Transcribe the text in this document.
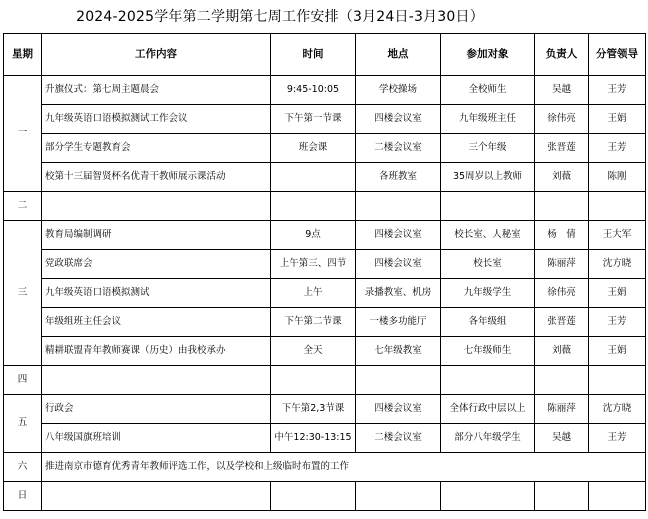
2024-2025学年第二学期第七周工作安排（3月24日-3月30日）
星期	工作内容	时间	地点	参加对象	负责人	分管领导
一	升旗仪式：第七周主题晨会	9:45-10:05	学校操场	全校师生	吴越	王芳
	九年级英语口语模拟测试工作会议	下午第一节课	四楼会议室	九年级班主任	徐伟亮	王娟
	部分学生专题教育会	班会课	二楼会议室	三个年级	张晋莲	王芳
	校第十三届智贤杯名优青干教师展示课活动		各班教室	35周岁以上教师	刘薇	陈刚
二						
三	教育局编制调研	9点	四楼会议室	校长室、人秘室	杨　倩	王大军
	党政联席会	上午第三、四节	四楼会议室	校长室	陈丽萍	沈方晓
	九年级英语口语模拟测试	上午	录播教室、机房	九年级学生	徐伟亮	王娟
	年级组班主任会议	下午第二节课	一楼多功能厅	各年级组	张晋莲	王芳
	精耕联盟青年教师赛课（历史）由我校承办	全天	七年级教室	七年级师生	刘薇	王娟
四						
五	行政会	下午第2,3节课	四楼会议室	全体行政中层以上	陈丽萍	沈方晓
	八年级国旗班培训	中午12:30-13:15	二楼会议室	部分八年级学生	吴越	王芳
六	推进南京市德育优秀青年教师评选工作，以及学校和上级临时布置的工作					
日						
